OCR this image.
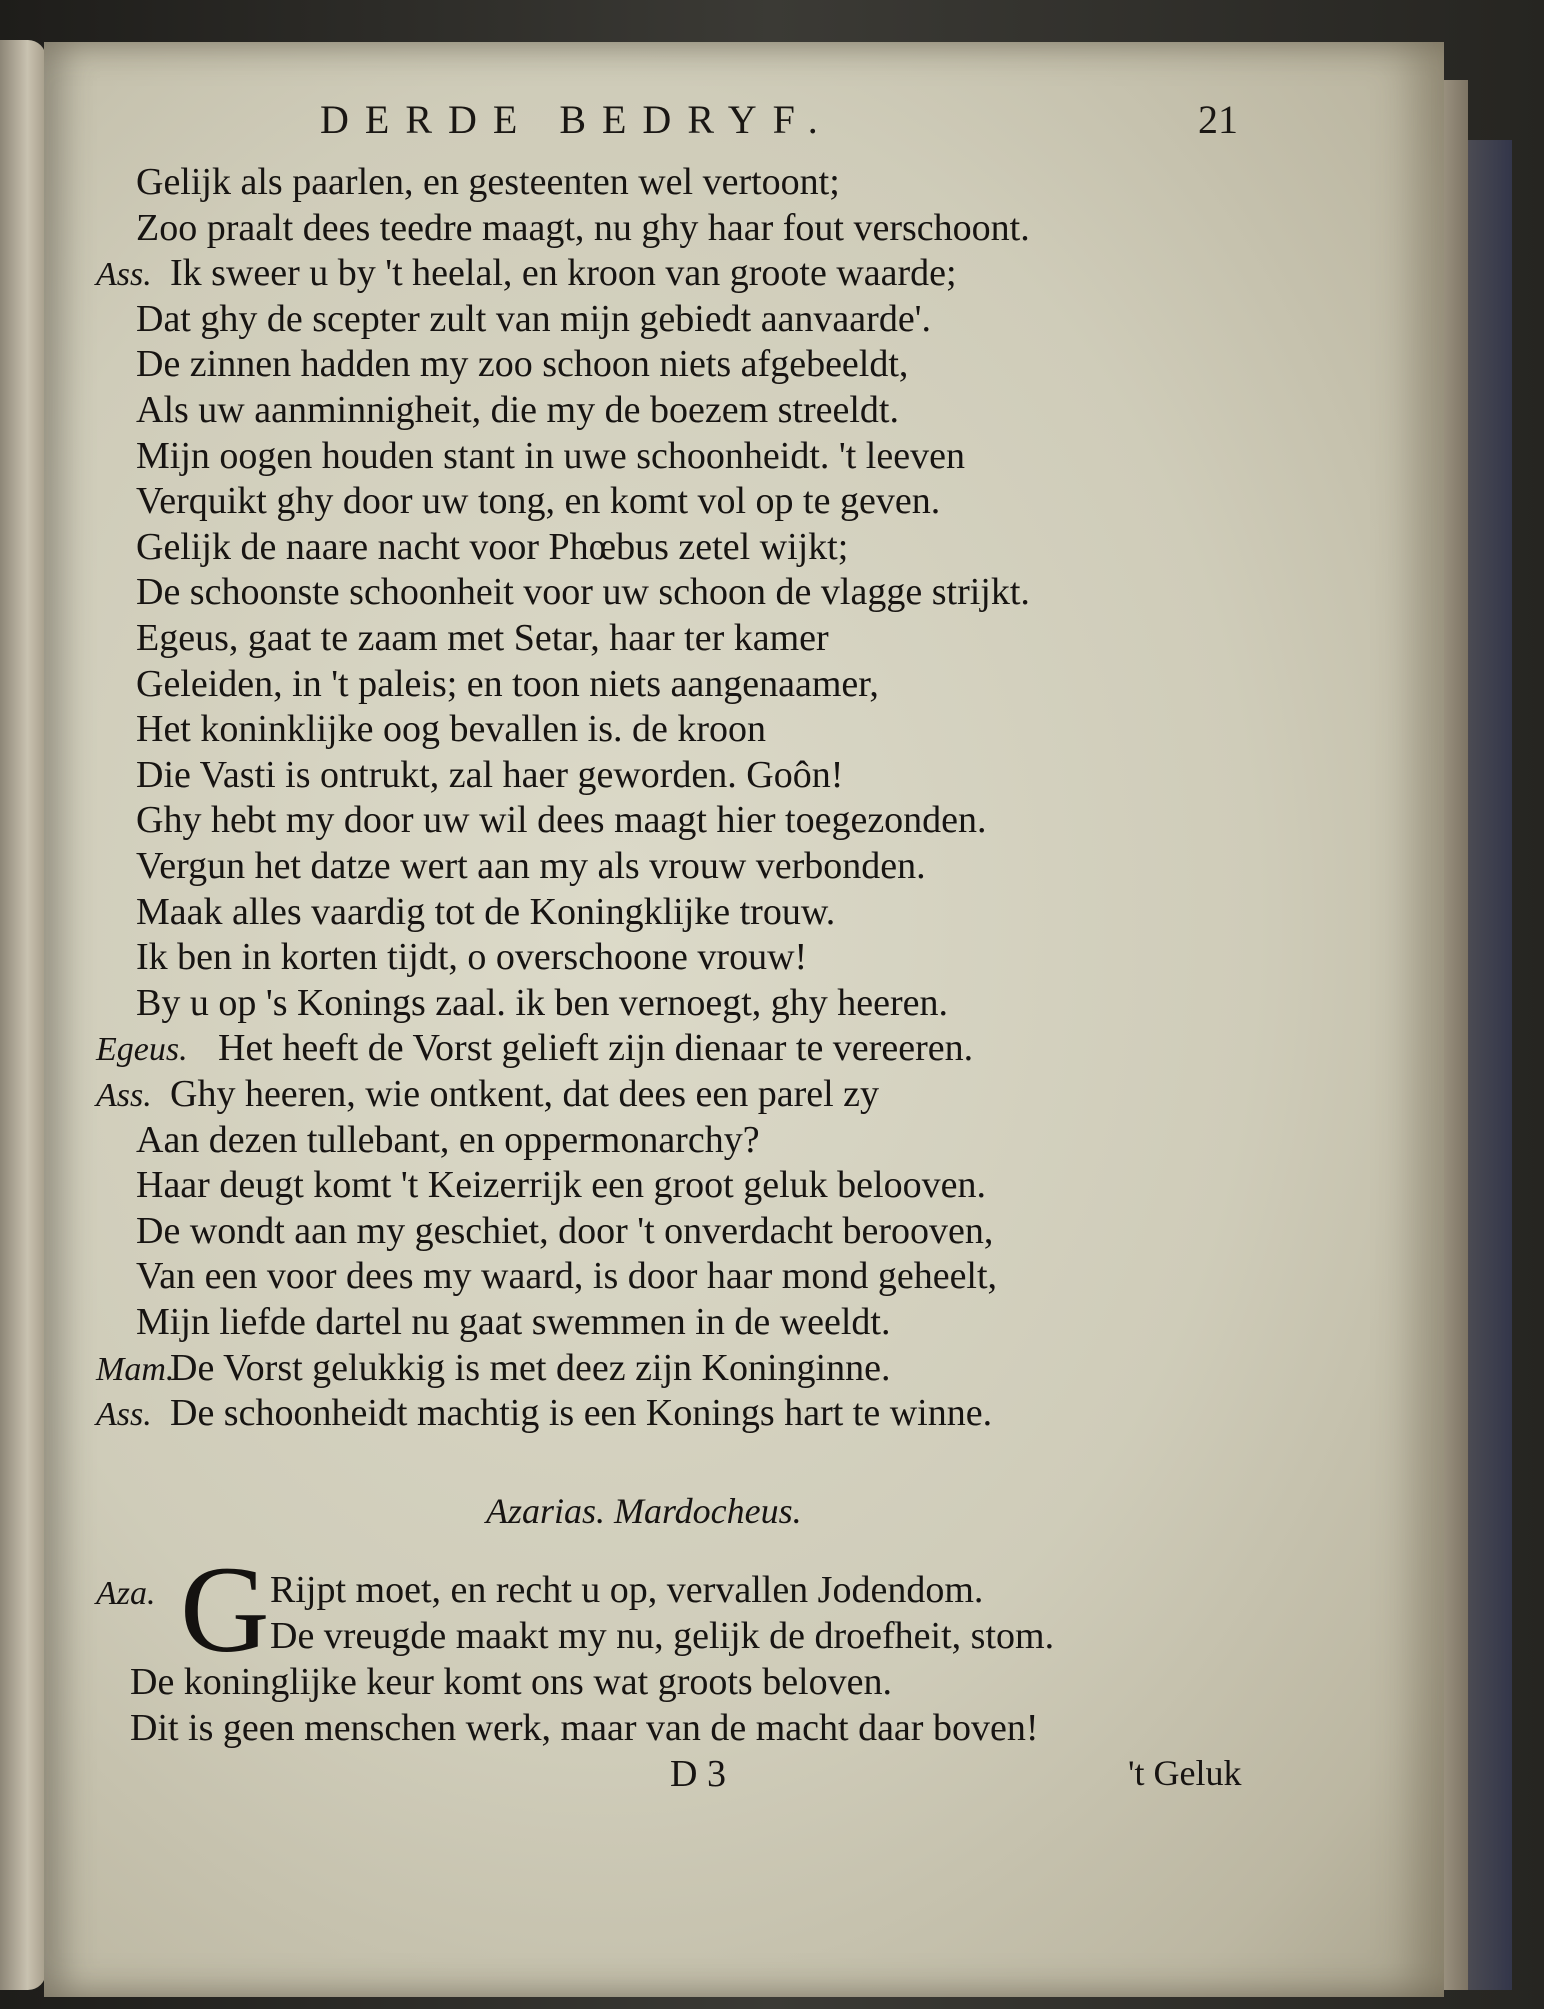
DERDE BEDRYF.	21
Gelijk als paarlen, en gesteenten wel vertoont;
Zoo praalt dees teedre maagt, nu ghy haar fout verschoont.
Ass. Ik sweer u by 't heelal, en kroon van groote waarde;
Dat ghy de scepter zult van mijn gebiedt aanvaarde'.
De zinnen hadden my zoo schoon niets afgebeeldt,
Als uw aanminnigheit, die my de boezem streeldt.
Mijn oogen houden stant in uwe schoonheidt. 't leeven
Verquikt ghy door uw tong, en komt vol op te geven.
Gelijk de naare nacht voor Phœbus zetel wijkt;
De schoonste schoonheit voor uw schoon de vlagge strijkt.
Egeus, gaat te zaam met Setar, haar ter kamer
Geleiden, in 't paleis; en toon niets aangenaamer,
Het koninklijke oog bevallen is. de kroon
Die Vasti is ontrukt, zal haer geworden. Goôn!
Ghy hebt my door uw wil dees maagt hier toegezonden.
Vergun het datze wert aan my als vrouw verbonden.
Maak alles vaardig tot de Koningklijke trouw.
Ik ben in korten tijdt, o overschoone vrouw!
By u op 's Konings zaal. ik ben vernoegt, ghy heeren.
Egeus. Het heeft de Vorst gelieft zijn dienaar te vereeren.
Ass. Ghy heeren, wie ontkent, dat dees een parel zy
Aan dezen tullebant, en oppermonarchy?
Haar deugt komt 't Keizerrijk een groot geluk belooven.
De wondt aan my geschiet, door 't onverdacht berooven,
Van een voor dees my waard, is door haar mond geheelt,
Mijn liefde dartel nu gaat swemmen in de weeldt.
Mam.
De Vorst gelukkig is met deez zijn Koninginne.
Ass. De schoonheidt machtig is een Konings hart te winne.
Azarias. Mardocheus.
Aza. G Rijpt moet, en recht u op, vervallen Jodendom.
De vreugde maakt my nu, gelijk de droefheit, stom.
De koninglijke keur komt ons wat groots beloven.
Dit is geen menschen werk, maar van de macht daar boven!
D 3	't Geluk
